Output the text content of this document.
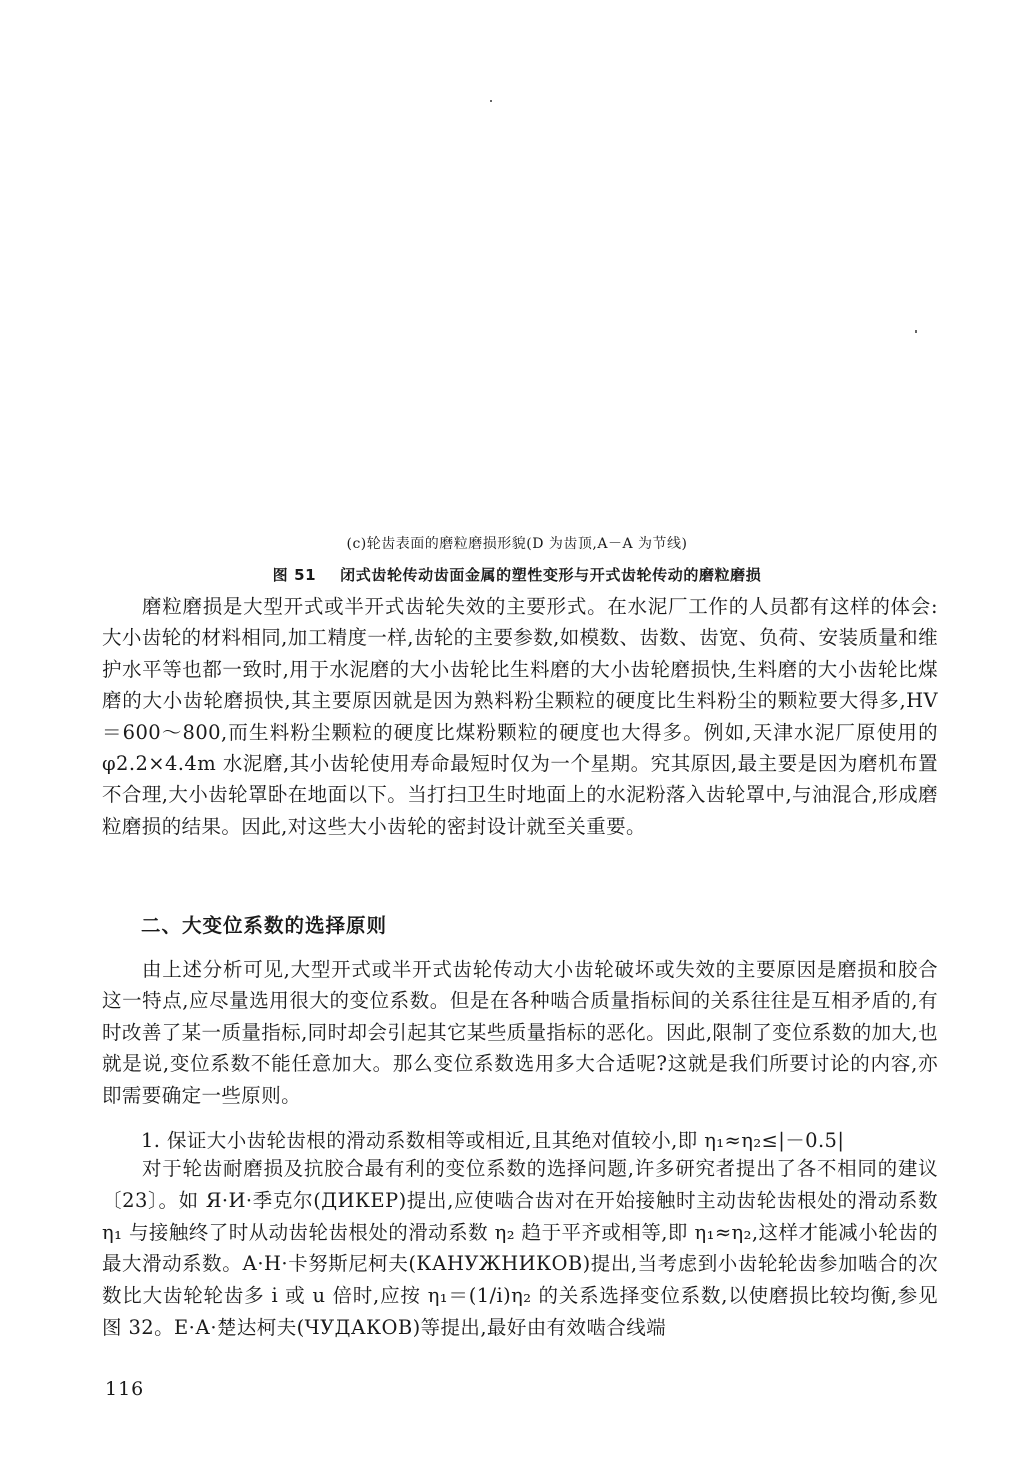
(c)轮齿表面的磨粒磨损形貌(D 为齿顶,A－A 为节线)
图 51 闭式齿轮传动齿面金属的塑性变形与开式齿轮传动的磨粒磨损
磨粒磨损是大型开式或半开式齿轮失效的主要形式。在水泥厂工作的人员都有这样的体会:大小齿轮的材料相同,加工精度一样,齿轮的主要参数,如模数、齿数、齿宽、负荷、安装质量和维护水平等也都一致时,用于水泥磨的大小齿轮比生料磨的大小齿轮磨损快,生料磨的大小齿轮比煤磨的大小齿轮磨损快,其主要原因就是因为熟料粉尘颗粒的硬度比生料粉尘的颗粒要大得多,HV＝600～800,而生料粉尘颗粒的硬度比煤粉颗粒的硬度也大得多。例如,天津水泥厂原使用的φ2.2×4.4m 水泥磨,其小齿轮使用寿命最短时仅为一个星期。究其原因,最主要是因为磨机布置不合理,大小齿轮罩卧在地面以下。当打扫卫生时地面上的水泥粉落入齿轮罩中,与油混合,形成磨粒磨损的结果。因此,对这些大小齿轮的密封设计就至关重要。
二、大变位系数的选择原则
由上述分析可见,大型开式或半开式齿轮传动大小齿轮破坏或失效的主要原因是磨损和胶合这一特点,应尽量选用很大的变位系数。但是在各种啮合质量指标间的关系往往是互相矛盾的,有时改善了某一质量指标,同时却会引起其它某些质量指标的恶化。因此,限制了变位系数的加大,也就是说,变位系数不能任意加大。那么变位系数选用多大合适呢?这就是我们所要讨论的内容,亦即需要确定一些原则。
1. 保证大小齿轮齿根的滑动系数相等或相近,且其绝对值较小,即 η₁≈η₂≤|－0.5|
对于轮齿耐磨损及抗胶合最有利的变位系数的选择问题,许多研究者提出了各不相同的建议〔23〕。如 Я·И·季克尔(ДИКЕР)提出,应使啮合齿对在开始接触时主动齿轮齿根处的滑动系数 η₁ 与接触终了时从动齿轮齿根处的滑动系数 η₂ 趋于平齐或相等,即 η₁≈η₂,这样才能减小轮齿的最大滑动系数。А·Н·卡努斯尼柯夫(КАНУЖНИКОВ)提出,当考虑到小齿轮轮齿参加啮合的次数比大齿轮轮齿多 i 或 u 倍时,应按 η₁＝(1/i)η₂ 的关系选择变位系数,以使磨损比较均衡,参见图 32。Е·А·楚达柯夫(ЧУДАКОВ)等提出,最好由有效啮合线端
116
